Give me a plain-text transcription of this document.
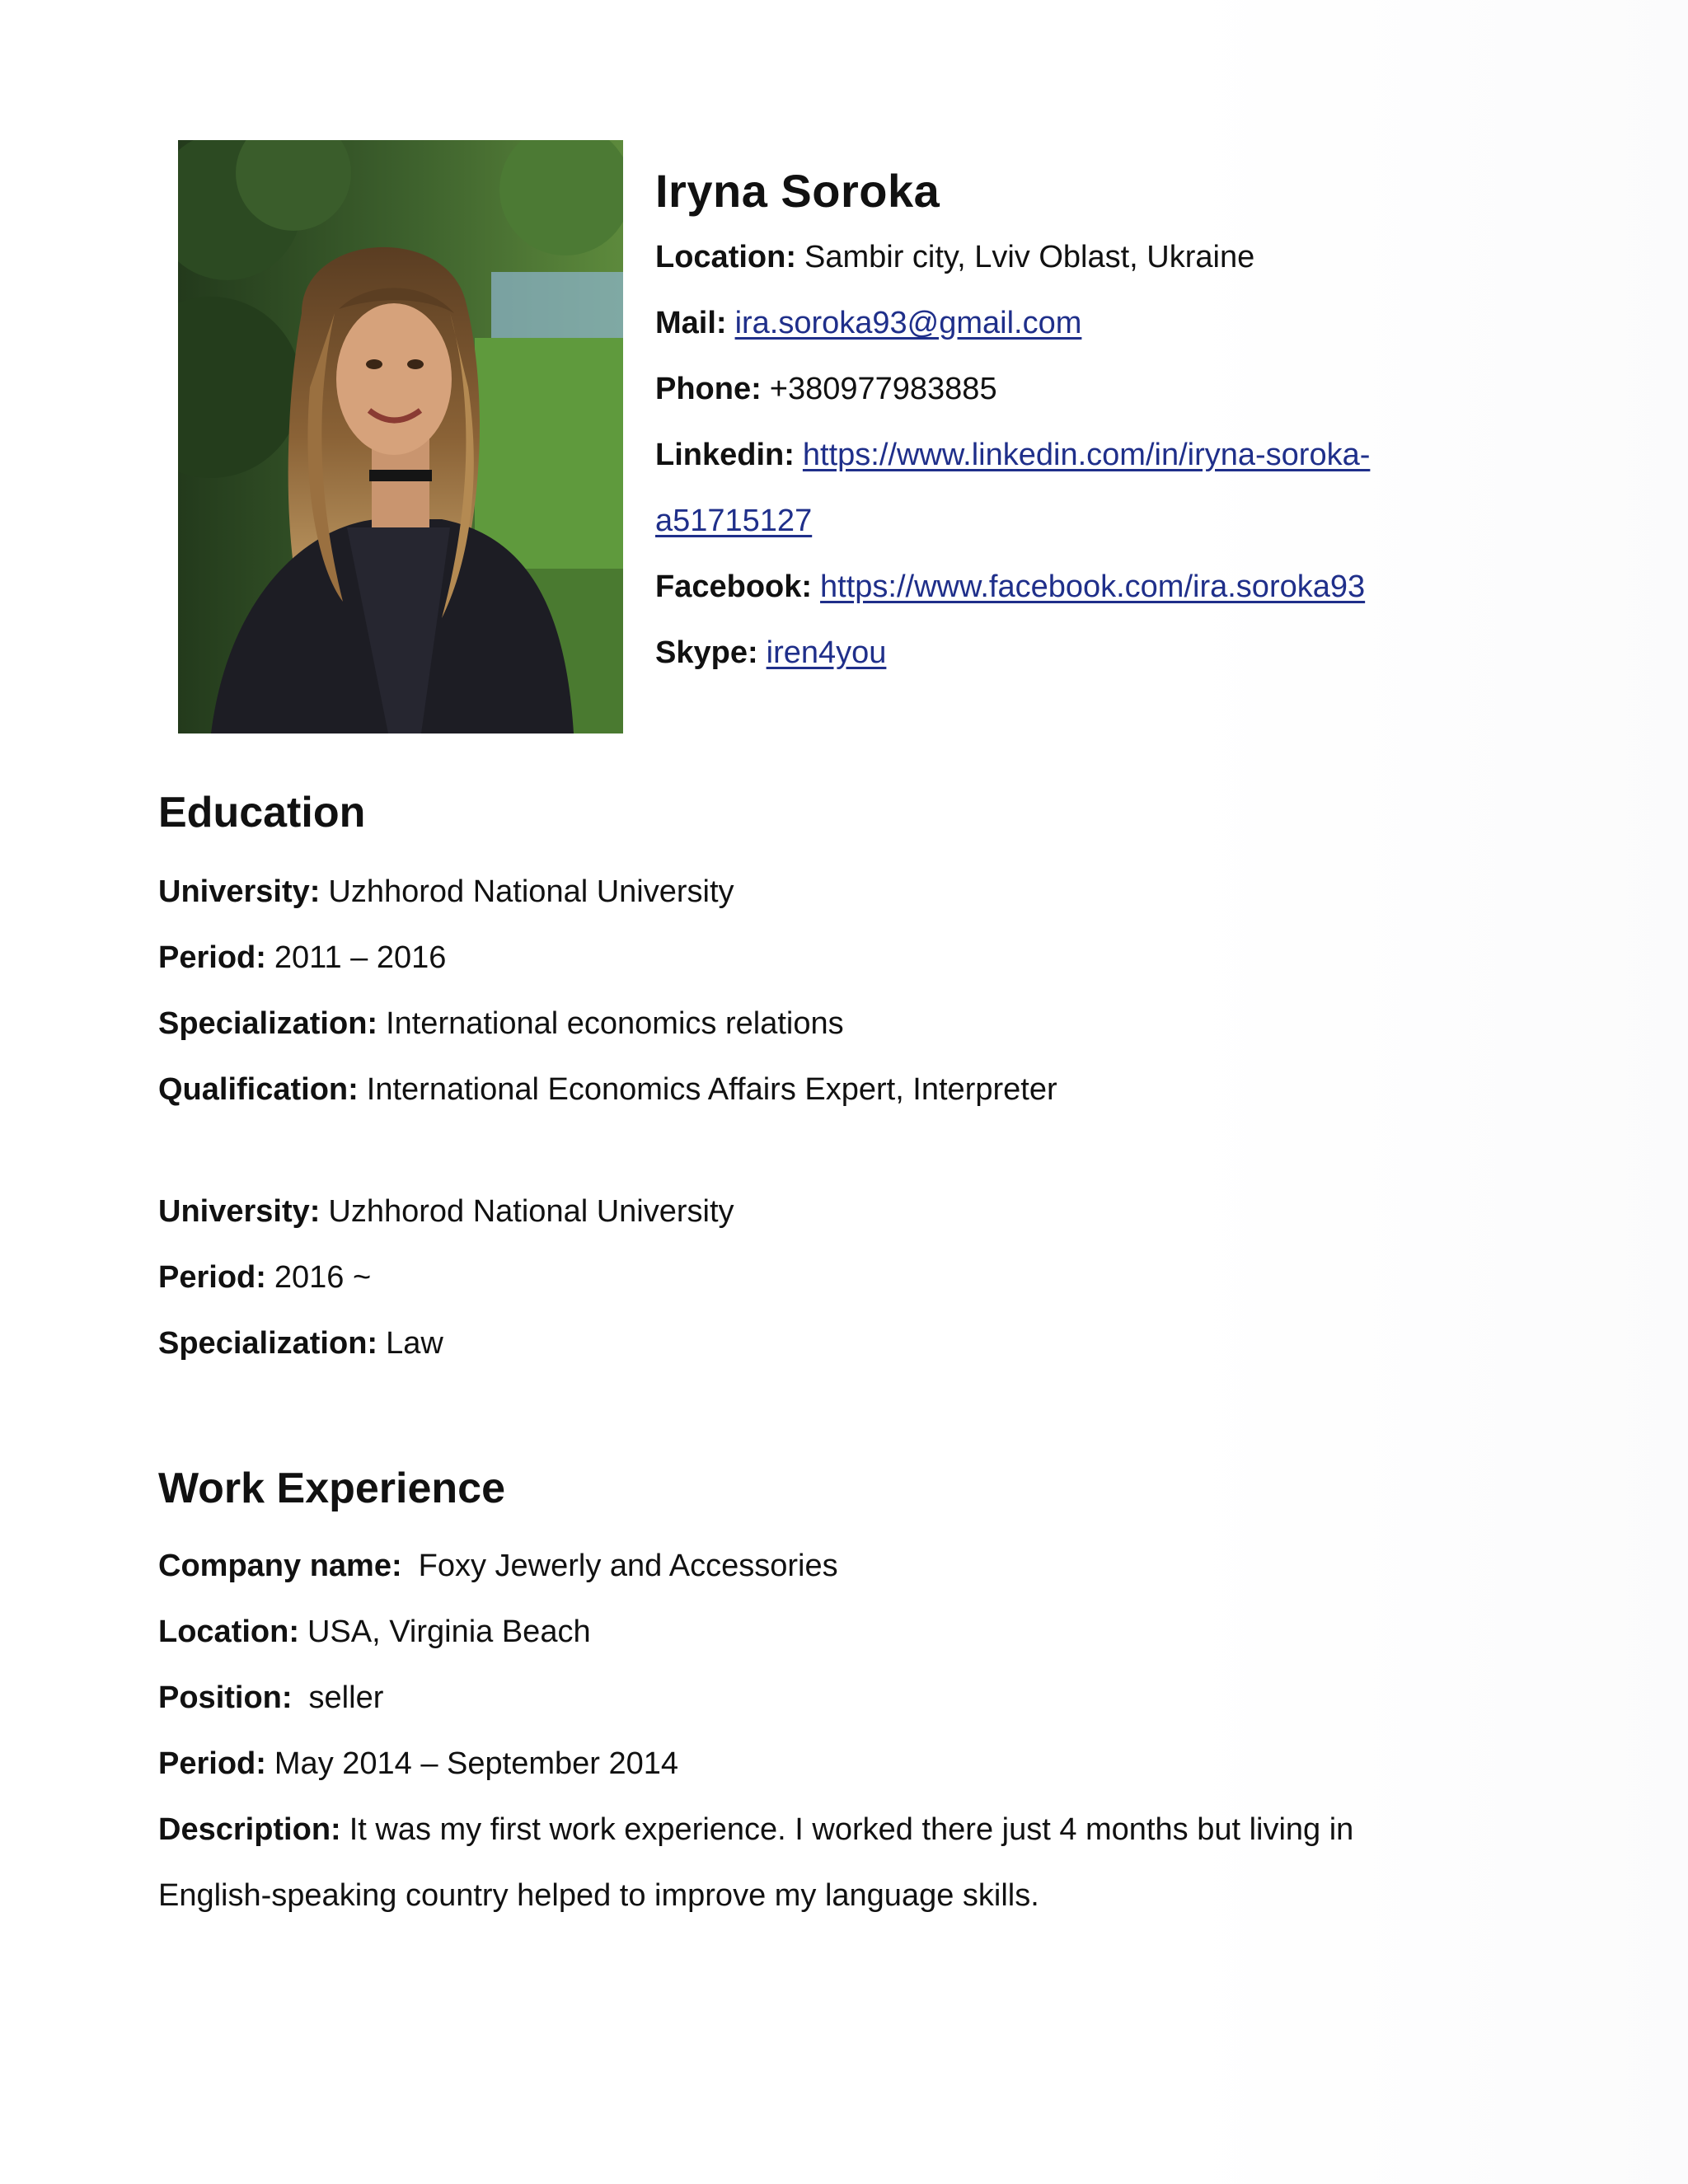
Iryna Soroka
Location: Sambir city, Lviv Oblast, Ukraine
Mail: ira.soroka93@gmail.com
Phone: +380977983885
Linkedin: https://www.linkedin.com/in/iryna-soroka-
a51715127
Facebook: https://www.facebook.com/ira.soroka93
Skype: iren4you
Education
University: Uzhhorod National University
Period: 2011 – 2016
Specialization: International economics relations
Qualification: International Economics Affairs Expert, Interpreter
University: Uzhhorod National University
Period: 2016 ~
Specialization: Law
Work Experience
Company name: Foxy Jewerly and Accessories
Location: USA, Virginia Beach
Position: seller
Period: May 2014 – September 2014
Description: It was my first work experience. I worked there just 4 months but living in English-speaking country helped to improve my language skills.
